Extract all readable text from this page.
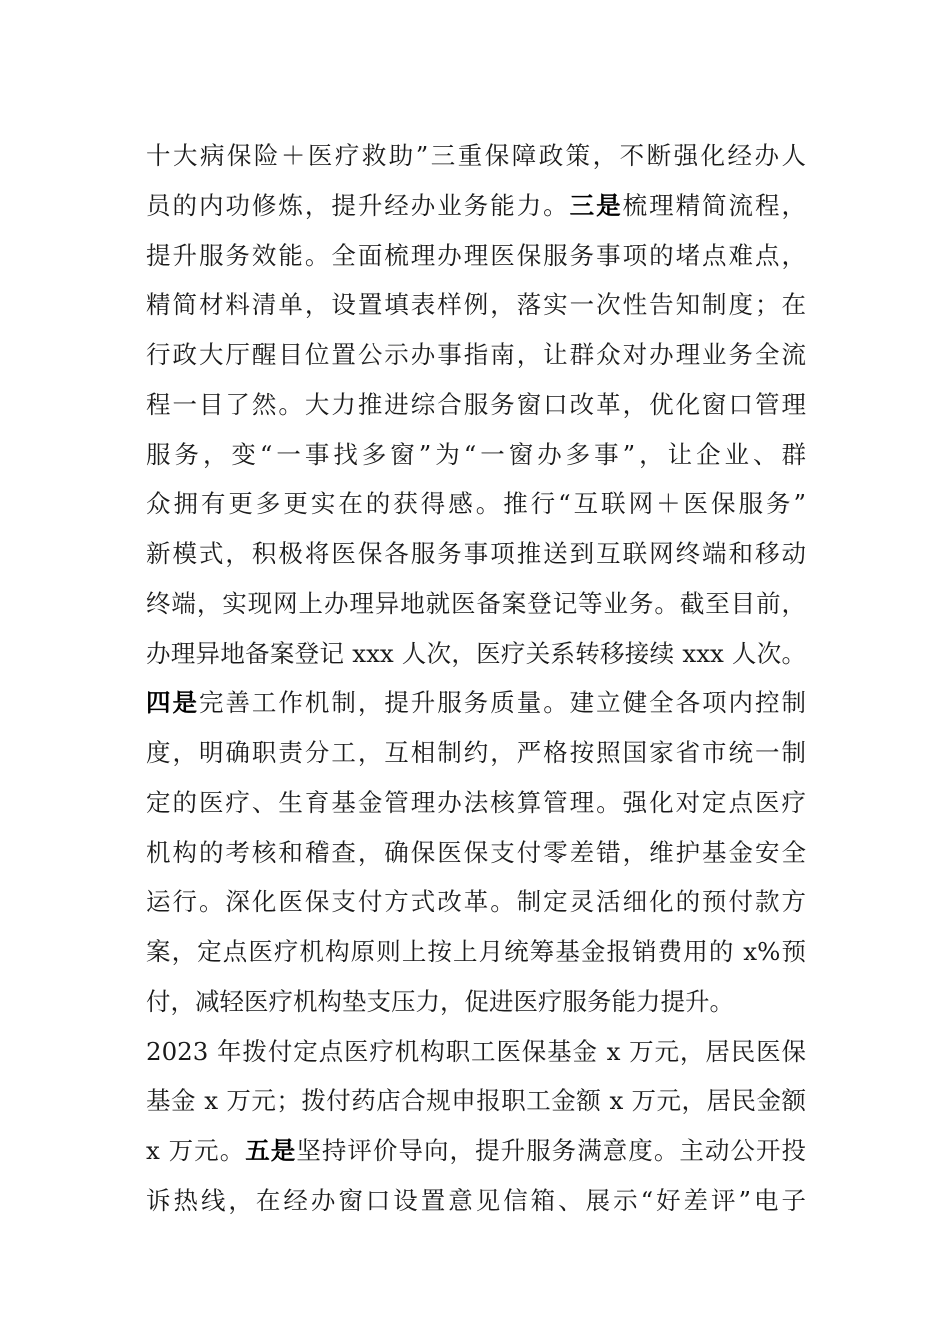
十大病保险＋医疗救助”三重保障政策，不断强化经办人
员的内功修炼，提升经办业务能力。三是梳理精简流程，
提升服务效能。全面梳理办理医保服务事项的堵点难点，
精简材料清单，设置填表样例，落实一次性告知制度；在
行政大厅醒目位置公示办事指南，让群众对办理业务全流
程一目了然。大力推进综合服务窗口改革，优化窗口管理
服务，变“一事找多窗”为“一窗办多事”，让企业、群
众拥有更多更实在的获得感。推行“互联网＋医保服务”
新模式，积极将医保各服务事项推送到互联网终端和移动
终端，实现网上办理异地就医备案登记等业务。截至目前，
办理异地备案登记 xxx 人次，医疗关系转移接续 xxx 人次。
四是完善工作机制，提升服务质量。建立健全各项内控制
度，明确职责分工，互相制约，严格按照国家省市统一制
定的医疗、生育基金管理办法核算管理。强化对定点医疗
机构的考核和稽查，确保医保支付零差错，维护基金安全
运行。深化医保支付方式改革。制定灵活细化的预付款方
案，定点医疗机构原则上按上月统筹基金报销费用的 x%预
付，减轻医疗机构垫支压力，促进医疗服务能力提升。
2023 年拨付定点医疗机构职工医保基金 x 万元，居民医保
基金 x 万元；拨付药店合规申报职工金额 x 万元，居民金额
x 万元。五是坚持评价导向，提升服务满意度。主动公开投
诉热线，在经办窗口设置意见信箱、展示“好差评”电子
